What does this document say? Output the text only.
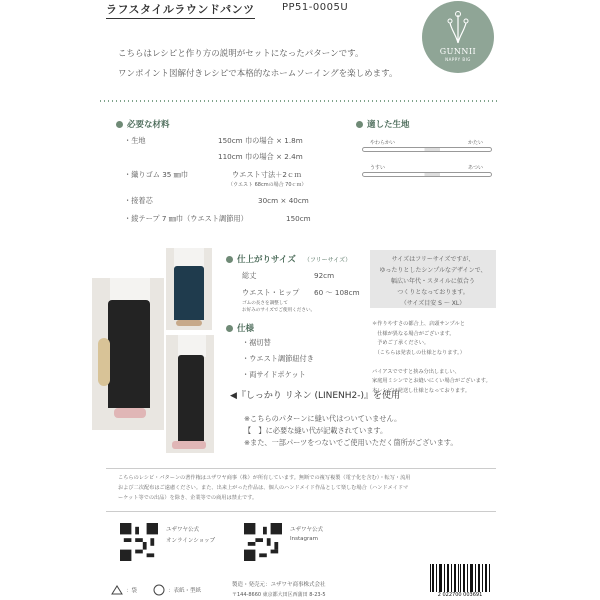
ラフスタイルラウンドパンツ	PP51-0005U
GUNNII
NAPPY BIG
こちらはレシピと作り方の説明がセットになったパターンです。
ワンポイント図解付きレシピで本格的なホームソーイングを楽しめます。
必要な材料
・生地	150cm 巾の場合 × 1.8m
110cm 巾の場合 × 2.4m
・織りゴム 35 ㎜巾	ウエスト寸法＋2ｃｍ
（ウエスト 68cmの場合 70ｃｍ）
・接着芯	30cm × 40cm
・綾テープ 7 ㎜巾（ウエスト調節用）	150cm
適した生地
やわらかい	かたい
うすい	あつい
仕上がりサイズ （フリーサイズ）
総丈	92cm
ウエスト・ヒップ 60 ～ 108cm
ゴムの長さを調整して
お好みのサイズでご使用ください。
サイズはフリーサイズですが、
ゆったりとしたシンプルなデザインで、
幅広い年代・スタイルに似合う
つくりとなっております。
（サイズ目安 S ～ XL）
仕様
・裾切替
・ウエスト調節紐付き
・両サイドポケット
＊作りやすさの都合上、店頭サンプルと
　仕様が異なる場合がございます。
　予めご了承ください。
　（こちらは発表しの仕様となります。）

バイアスでですと挟み分出しましい、
家庭用ミシンでとお縫いにくい場合がございます。
本レシピは発送し仕様となっております。
◀『しっかり リネン (LINENH2-)』を使用
※こちらのパターンに縫い代はついていません。
【　】に必要な縫い代が記載されています。
※また、一部パーツをつないでご使用いただく箇所がございます。
こちらのレシピ・パターンの著作権はユザワヤ商事（株）が所有しています。無断での複写複製（電子化を含む）・転写・流用
および二次配布はご遠慮ください。また、出来上がった作品は、個人のハンドメイド作品として楽しむ場合（ハンドメイドマ
ーケット等での出品）を除き、企業等での商用は禁止です。
ユザワヤ公式
オンラインショップ
ユザワヤ公式
Instagram
：袋	：表紙・型紙
製造・発売元：ユザワヤ商事株式会社
〒144-8660 東京都大田区西蒲田 8-23-5	2 022700 003691
